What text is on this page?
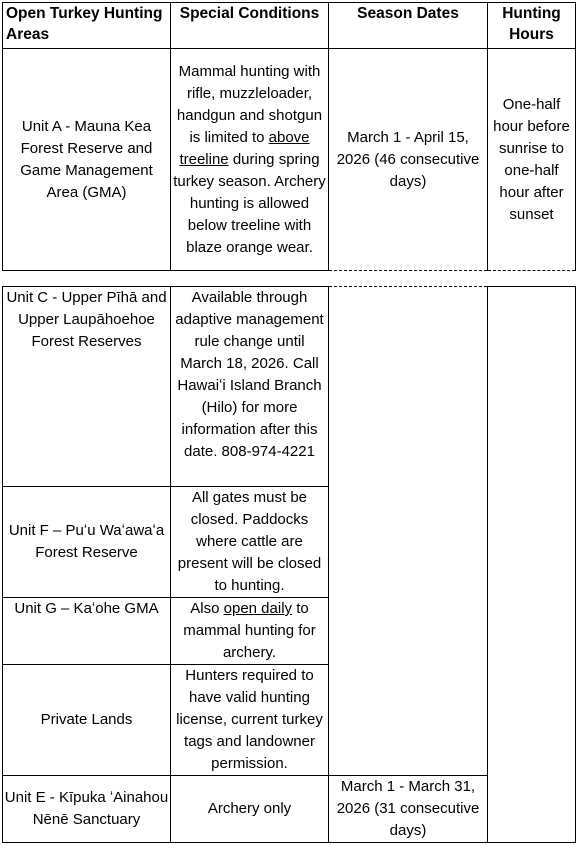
Open Turkey Hunting Areas	Special Conditions	Season Dates	Hunting Hours
Unit A - Mauna Kea Forest Reserve and Game Management Area (GMA)	Mammal hunting with rifle, muzzleloader, handgun and shotgun is limited to above treeline during spring turkey season. Archery hunting is allowed below treeline with blaze orange wear.	March 1 - April 15, 2026 (46 consecutive days)	One-half hour before sunrise to one-half hour after sunset
Unit C - Upper Pīhā and Upper Laupāhoehoe Forest Reserves	Available through adaptive management rule change until March 18, 2026. Call Hawaiʻi Island Branch (Hilo) for more information after this date. 808-974-4221		
Unit F – Puʻu Waʻawaʻa Forest Reserve	All gates must be closed. Paddocks where cattle are present will be closed to hunting.		
Unit G – Kaʻohe GMA	Also open daily to mammal hunting for archery.		
Private Lands	Hunters required to have valid hunting license, current turkey tags and landowner permission.		
Unit E - Kīpuka ʻAinahou Nēnē Sanctuary	Archery only	March 1 - March 31, 2026 (31 consecutive days)	
